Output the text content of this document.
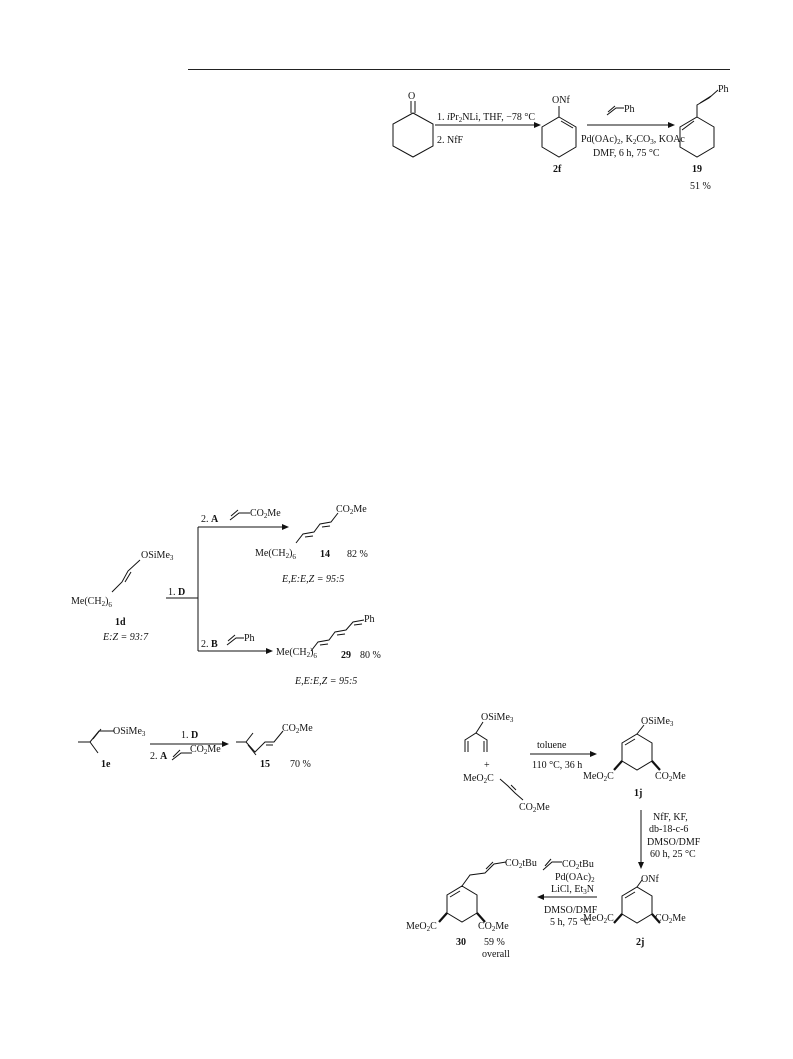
O
1. iPr$_2$NLi, THF, −78 °C
2. NfF
ONf
2f
Ph
$Pd(OAc)_2$, $K_2CO_3$, KOAc
DMF, 6 h, 75 °C
Ph
19
51 %
OSiMe$_3$
$Me(CH_2)_6$
1d
E:Z = 93:7
1. D
2. A
$CO_2Me$	$CO_2Me$
$Me(CH_2)_6$ 14 82 %
E,E:E,Z = 95:5
2. B
Ph
Ph
$Me(CH_2)_6$ 29 80 %
E,E:E,Z = 95:5
OSiMe$_3$
1e
1. D
2. A
$CO_2Me$
$CO_2Me$
15 70 %
OSiMe$_3$
+
MeO$_2$C
$CO_2Me$
toluene
110 °C, 36 h
OSiMe$_3$
MeO$_2$C	$CO_2Me$
1j
NfF, KF,
db-18-c-6
DMSO/DMF
60 h, 25 °C
ONf
MeO$_2$C	$CO_2Me$
2j
$CO_2tBu$
$Pd(OAc)_2$
LiCl, $Et_3N$
DMSO/DMF
5 h, 75 °C
$CO_2tBu$
MeO$_2$C	$CO_2Me$
30 59 %
overall
